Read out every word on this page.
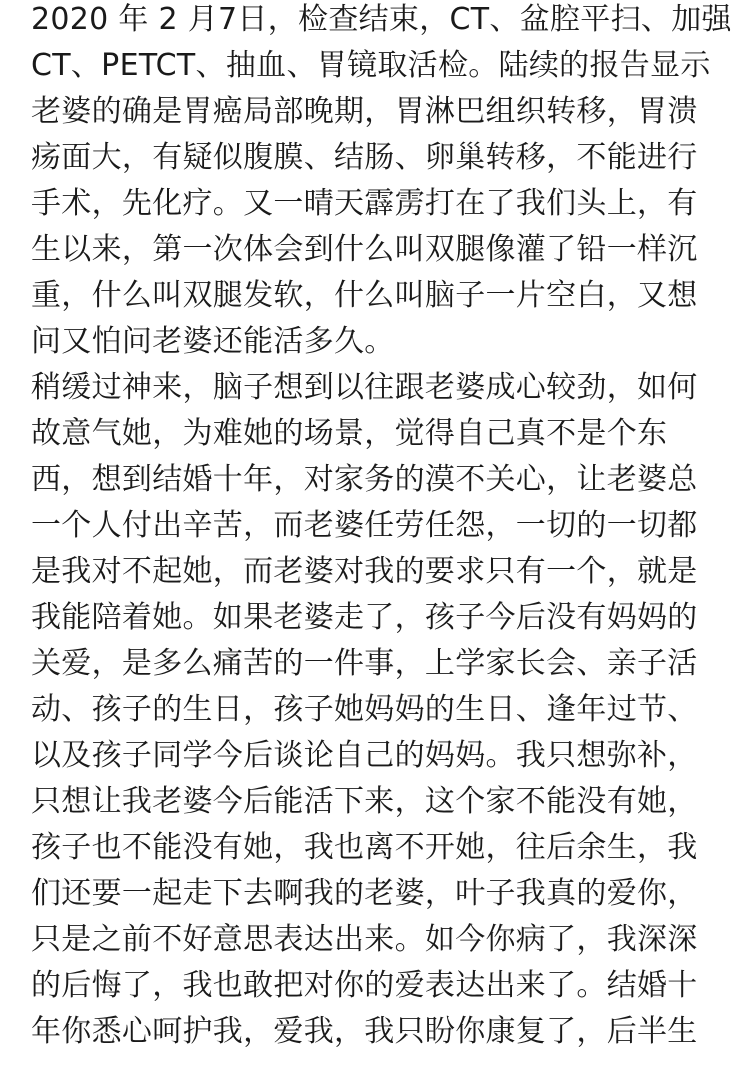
2020 年 2 月7日，检查结束，CT、盆腔平扫、加强
CT、PETCT、抽血、胃镜取活检。陆续的报告显示
老婆的确是胃癌局部晚期，胃淋巴组织转移，胃溃
疡面大，有疑似腹膜、结肠、卵巢转移，不能进行
手术，先化疗。又一晴天霹雳打在了我们头上，有
生以来，第一次体会到什么叫双腿像灌了铅一样沉
重，什么叫双腿发软，什么叫脑子一片空白，又想
问又怕问老婆还能活多久。
稍缓过神来，脑子想到以往跟老婆成心较劲，如何
故意气她，为难她的场景，觉得自己真不是个东
西，想到结婚十年，对家务的漠不关心，让老婆总
一个人付出辛苦，而老婆任劳任怨，一切的一切都
是我对不起她，而老婆对我的要求只有一个，就是
我能陪着她。如果老婆走了，孩子今后没有妈妈的
关爱，是多么痛苦的一件事，上学家长会、亲子活
动、孩子的生日，孩子她妈妈的生日、逢年过节、
以及孩子同学今后谈论自己的妈妈。我只想弥补，
只想让我老婆今后能活下来，这个家不能没有她，
孩子也不能没有她，我也离不开她，往后余生，我
们还要一起走下去啊我的老婆，叶子我真的爱你，
只是之前不好意思表达出来。如今你病了，我深深
的后悔了，我也敢把对你的爱表达出来了。结婚十
年你悉心呵护我，爱我，我只盼你康复了，后半生
